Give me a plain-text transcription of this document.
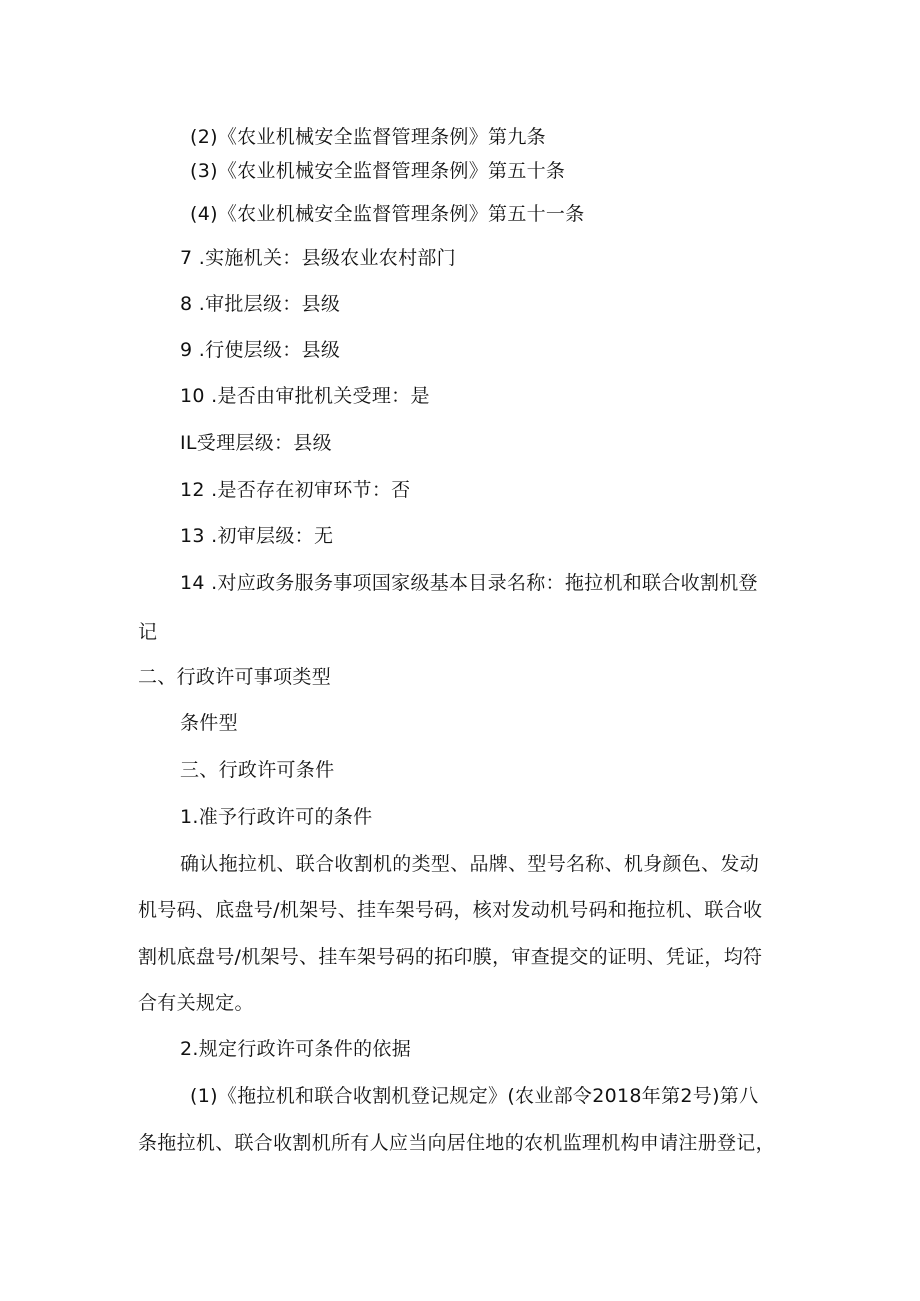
(2)《农业机械安全监督管理条例》第九条
(3)《农业机械安全监督管理条例》第五十条
(4)《农业机械安全监督管理条例》第五十一条
7 .实施机关：县级农业农村部门
8 .审批层级：县级
9 .行使层级：县级
10 .是否由审批机关受理：是
IL受理层级：县级
12 .是否存在初审环节：否
13 .初审层级：无
14 .对应政务服务事项国家级基本目录名称：拖拉机和联合收割机登
记
二、行政许可事项类型
条件型
三、行政许可条件
1.准予行政许可的条件
确认拖拉机、联合收割机的类型、品牌、型号名称、机身颜色、发动
机号码、底盘号/机架号、挂车架号码，核对发动机号码和拖拉机、联合收
割机底盘号/机架号、挂车架号码的拓印膜，审查提交的证明、凭证，均符
合有关规定。
2.规定行政许可条件的依据
(1)《拖拉机和联合收割机登记规定》(农业部令2018年第2号)第八
条拖拉机、联合收割机所有人应当向居住地的农机监理机构申请注册登记，
